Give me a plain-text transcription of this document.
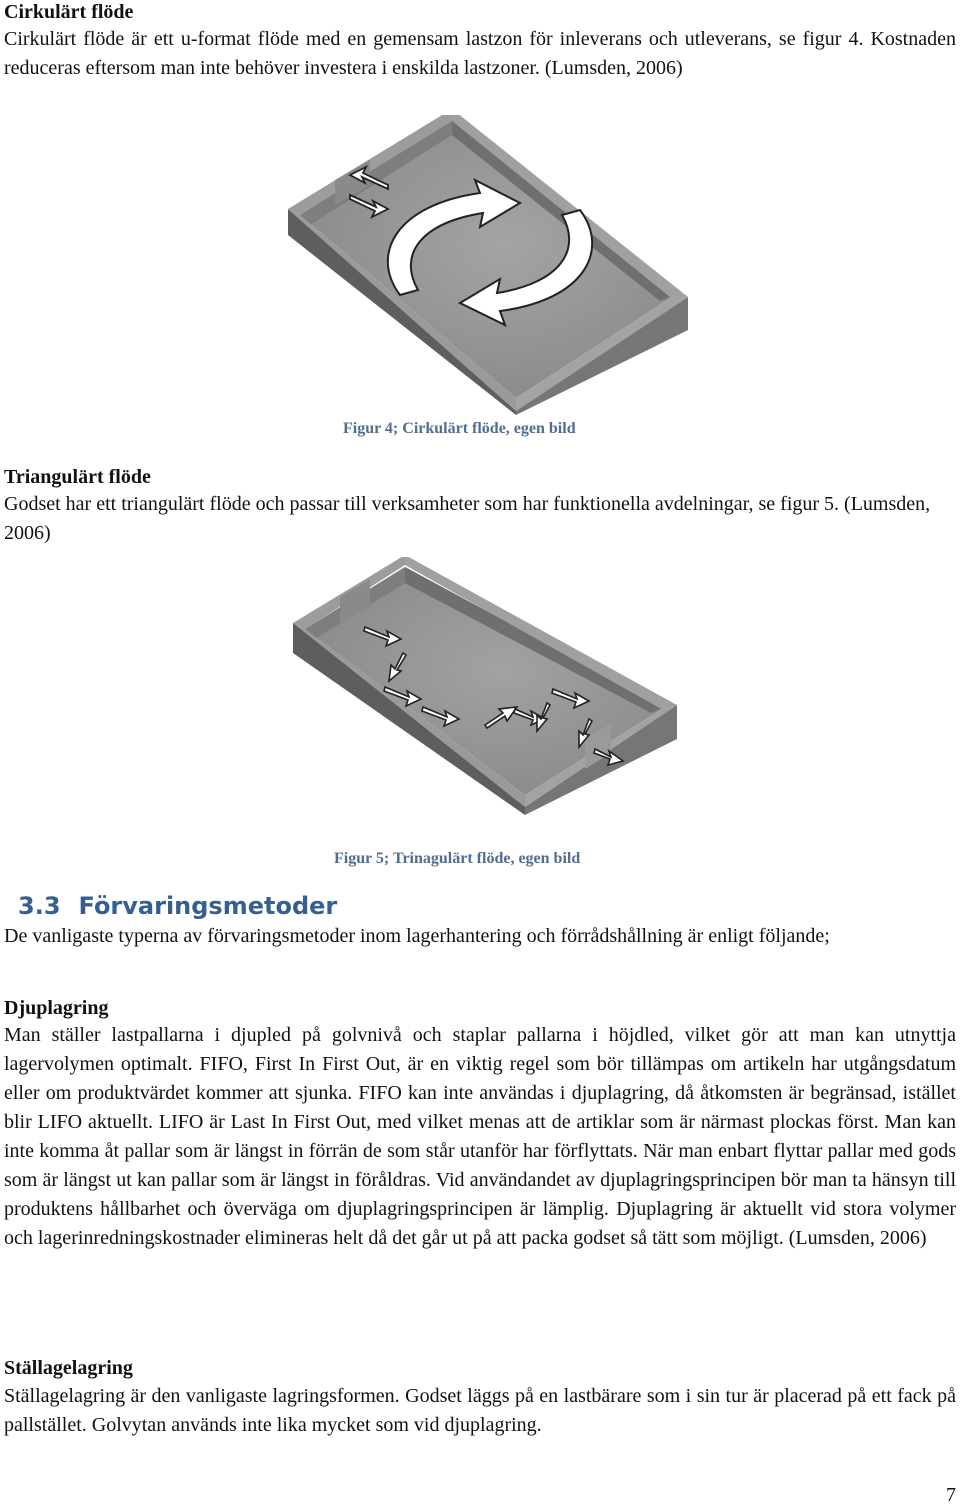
Cirkulärt flöde

Cirkulärt flöde är ett u-format flöde med en gemensam lastzon för inleverans och utleverans, se figur 4. Kostnaden reduceras eftersom man inte behöver investera i enskilda lastzoner. (Lumsden, 2006)

Figur 4; Cirkulärt flöde, egen bild

Triangulärt flöde

Godset har ett triangulärt flöde och passar till verksamheter som har funktionella avdelningar, se figur 5. (Lumsden, 2006)

Figur 5; Trinagulärt flöde, egen bild

3.3 Förvaringsmetoder

De vanligaste typerna av förvaringsmetoder inom lagerhantering och förrådshållning är enligt följande;

Djuplagring

Man ställer lastpallarna i djupled på golvnivå och staplar pallarna i höjdled, vilket gör att man kan utnyttja lagervolymen optimalt. FIFO, First In First Out, är en viktig regel som bör tillämpas om artikeln har utgångsdatum eller om produktvärdet kommer att sjunka. FIFO kan inte användas i djuplagring, då åtkomsten är begränsad, istället blir LIFO aktuellt. LIFO är Last In First Out, med vilket menas att de artiklar som är närmast plockas först. Man kan inte komma åt pallar som är längst in förrän de som står utanför har förflyttats. När man enbart flyttar pallar med gods som är längst ut kan pallar som är längst in föråldras. Vid användandet av djuplagringsprincipen bör man ta hänsyn till produktens hållbarhet och överväga om djuplagringsprincipen är lämplig. Djuplagring är aktuellt vid stora volymer och lagerinredningskostnader elimineras helt då det går ut på att packa godset så tätt som möjligt. (Lumsden, 2006)

Ställagelagring

Ställagelagring är den vanligaste lagringsformen. Godset läggs på en lastbärare som i sin tur är placerad på ett fack på pallstället. Golvytan används inte lika mycket som vid djuplagring.

7
